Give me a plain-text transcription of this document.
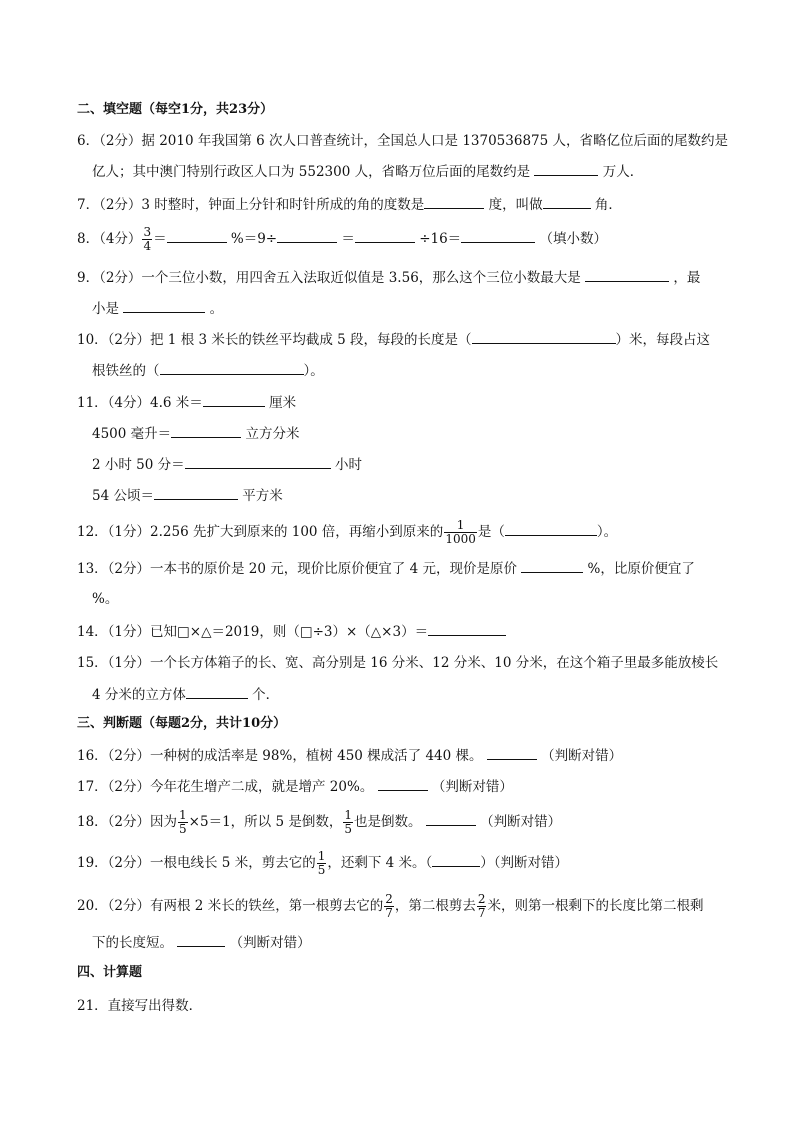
二、填空题（每空1分，共23分）
6．（2分）据 2010 年我国第 6 次人口普查统计，全国总人口是 1370536875 人，省略亿位后面的尾数约是
亿人；其中澳门特别行政区人口为 552300 人，省略万位后面的尾数约是	万人．
7．（2分）3 时整时，钟面上分针和时针所成的角的度数是	度，叫做	角．
8．（4分） $\frac{3}{4}$ ＝	%＝9÷	＝	÷16＝	（填小数）
9．（2分）一个三位小数，用四舍五入法取近似值是 3.56，那么这个三位小数最大是	，最
小是	。
10．（2分）把 1 根 3 米长的铁丝平均截成 5 段，每段的长度是（	）米，每段占这
根铁丝的（	）。
11．（4分）4.6 米＝	厘米
4500 毫升＝	立方分米
2 小时 50 分＝	小时
54 公顷＝	平方米
12．（1分）2.256 先扩大到原来的 100 倍，再缩小到原来的 $\frac{1}{1000}$ 是（	）。
13．（2分）一本书的原价是 20 元，现价比原价便宜了 4 元，现价是原价	%，比原价便宜了
%。
14．（1分）已知□×△＝2019，则（□÷3）×（△×3）＝
15．（1分）一个长方体箱子的长、宽、高分别是 16 分米、12 分米、10 分米，在这个箱子里最多能放棱长
4 分米的立方体	个．
三、判断题（每题2分，共计10分）
16．（2分）一种树的成活率是 98%，植树 450 棵成活了 440 棵。	（判断对错）
17．（2分）今年花生增产二成，就是增产 20%。	（判断对错）
18．（2分）因为 $\frac{1}{5} \times 5=1$，所以 5 是倒数， $\frac{1}{5}$ 也是倒数。	（判断对错）
19．（2分）一根电线长 5 米，剪去它的 $\frac{1}{5}$ ，还剩下 4 米。（	）（判断对错）
20．（2分）有两根 2 米长的铁丝，第一根剪去它的 $\frac{2}{7}$ ，第二根剪去 $\frac{2}{7}$ 米，则第一根剩下的长度比第二根剩
下的长度短。	（判断对错）
四、计算题
21．直接写出得数．
